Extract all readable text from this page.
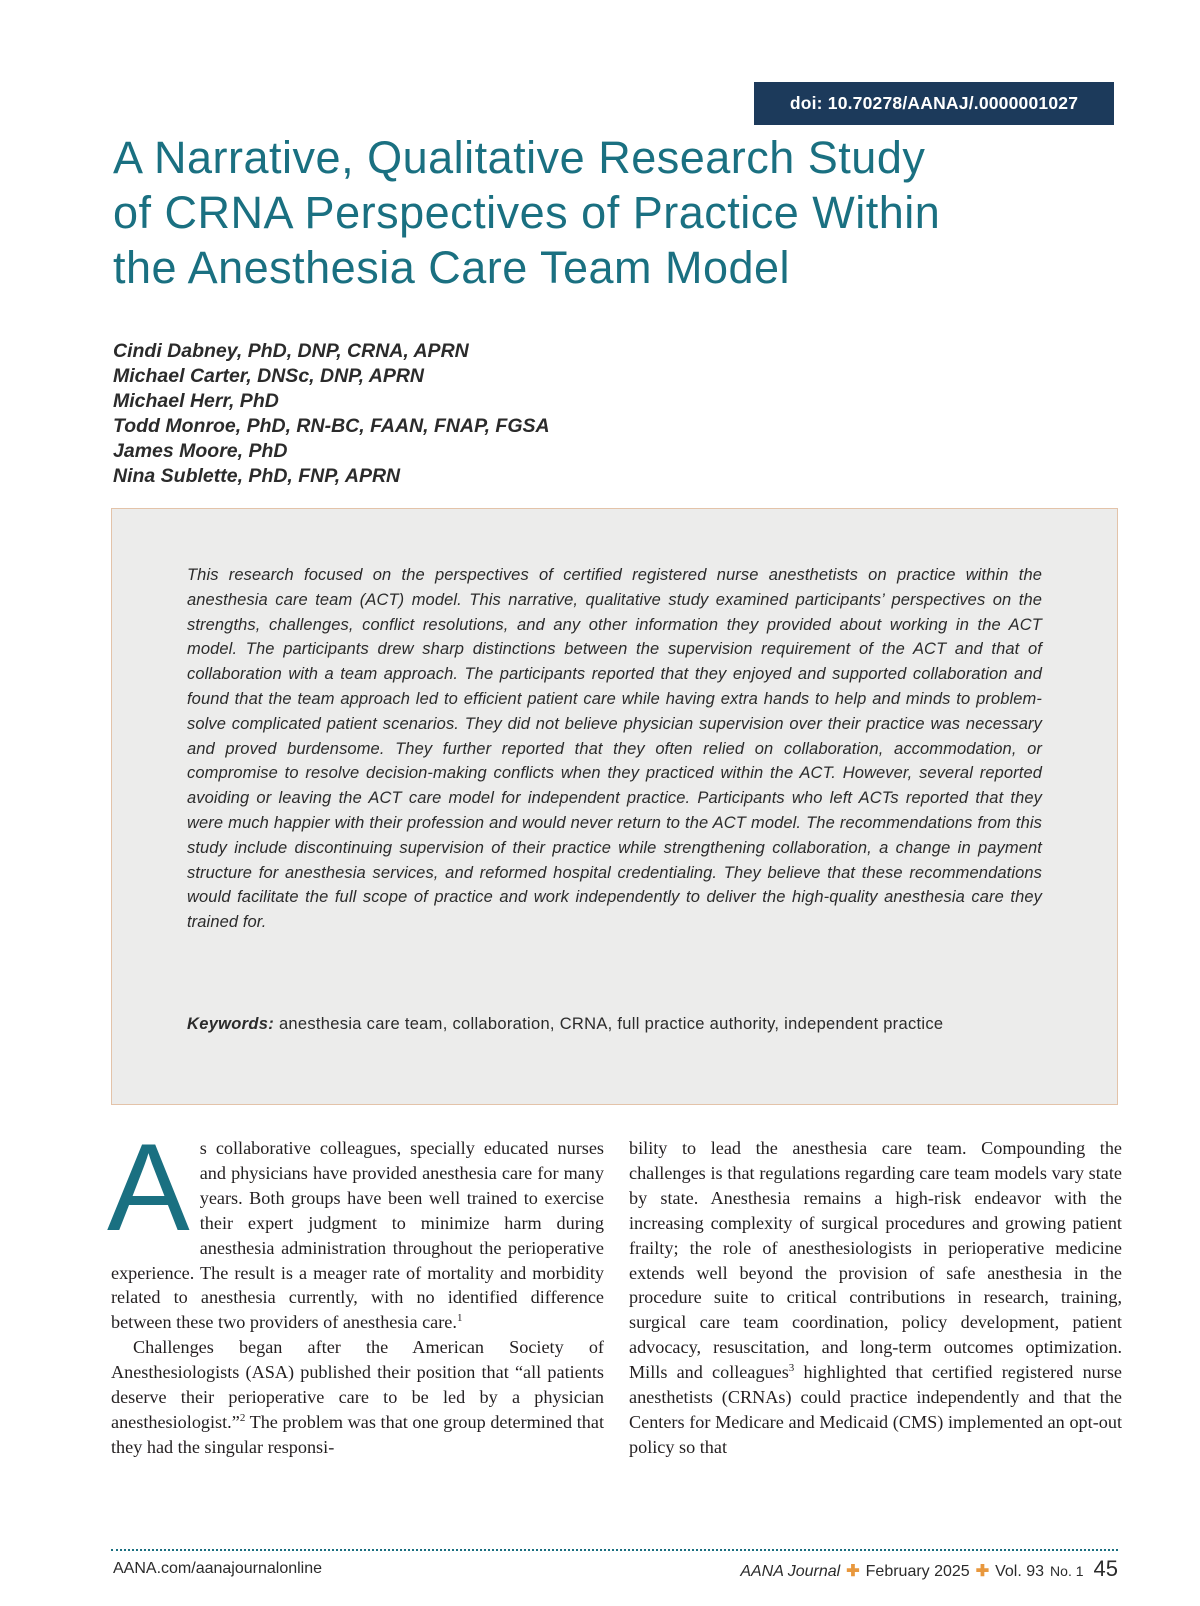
doi: 10.70278/AANAJ/.0000001027
A Narrative, Qualitative Research Study
of CRNA Perspectives of Practice Within
the Anesthesia Care Team Model
Cindi Dabney, PhD, DNP, CRNA, APRN
Michael Carter, DNSc, DNP, APRN
Michael Herr, PhD
Todd Monroe, PhD, RN-BC, FAAN, FNAP, FGSA
James Moore, PhD
Nina Sublette, PhD, FNP, APRN

This research focused on the perspectives of certified registered nurse anesthetists on practice within the anesthesia care team (ACT) model. This narrative, qualitative study examined participants’ perspectives on the strengths, challenges, conflict resolutions, and any other information they provided about working in the ACT model. The participants drew sharp distinctions between the supervision requirement of the ACT and that of collaboration with a team approach. The participants reported that they enjoyed and supported collaboration and found that the team approach led to efficient patient care while having extra hands to help and minds to problem-solve complicated patient scenarios. They did not believe physician supervision over their practice was necessary and proved burdensome. They further reported that they often relied on collaboration, accommodation, or compromise to resolve decision-making conflicts when they practiced within the ACT. However, several reported avoiding or leaving the ACT care model for independent practice. Participants who left ACTs reported that they were much happier with their profession and would never return to the ACT model. The recommendations from this study include discontinuing supervision of their practice while strengthening collaboration, a change in payment structure for anesthesia services, and reformed hospital credentialing. They believe that these recommendations would facilitate the full scope of practice and work independently to deliver the high-quality anesthesia care they trained for.

Keywords: anesthesia care team, collaboration, CRNA, full practice authority, independent practice

As collaborative colleagues, specially educated nurses and physicians have provided anesthesia care for many years. Both groups have been well trained to exercise their expert judgment to minimize harm during anesthesia administration throughout the perioperative experience. The result is a meager rate of mortality and morbidity related to anesthesia currently, with no identified difference between these two providers of anesthesia care.$^1$

Challenges began after the American Society of Anesthesiologists (ASA) published their position that “all patients deserve their perioperative care to be led by a physician anesthesiologist.”$^2$ The problem was that one group determined that they had the singular responsi-

bility to lead the anesthesia care team. Compounding the challenges is that regulations regarding care team models vary state by state. Anesthesia remains a high-risk endeavor with the increasing complexity of surgical procedures and growing patient frailty; the role of anesthesiologists in perioperative medicine extends well beyond the provision of safe anesthesia in the procedure suite to critical contributions in research, training, surgical care team coordination, policy development, patient advocacy, resuscitation, and long-term outcomes optimization. Mills and colleagues$^3$ highlighted that certified registered nurse anesthetists (CRNAs) could practice independently and that the Centers for Medicare and Medicaid (CMS) implemented an opt-out policy so that

AANA.com/aanajournalonline	AANA Journal ✚ February 2025 ✚ Vol. 93 No. 1 45
